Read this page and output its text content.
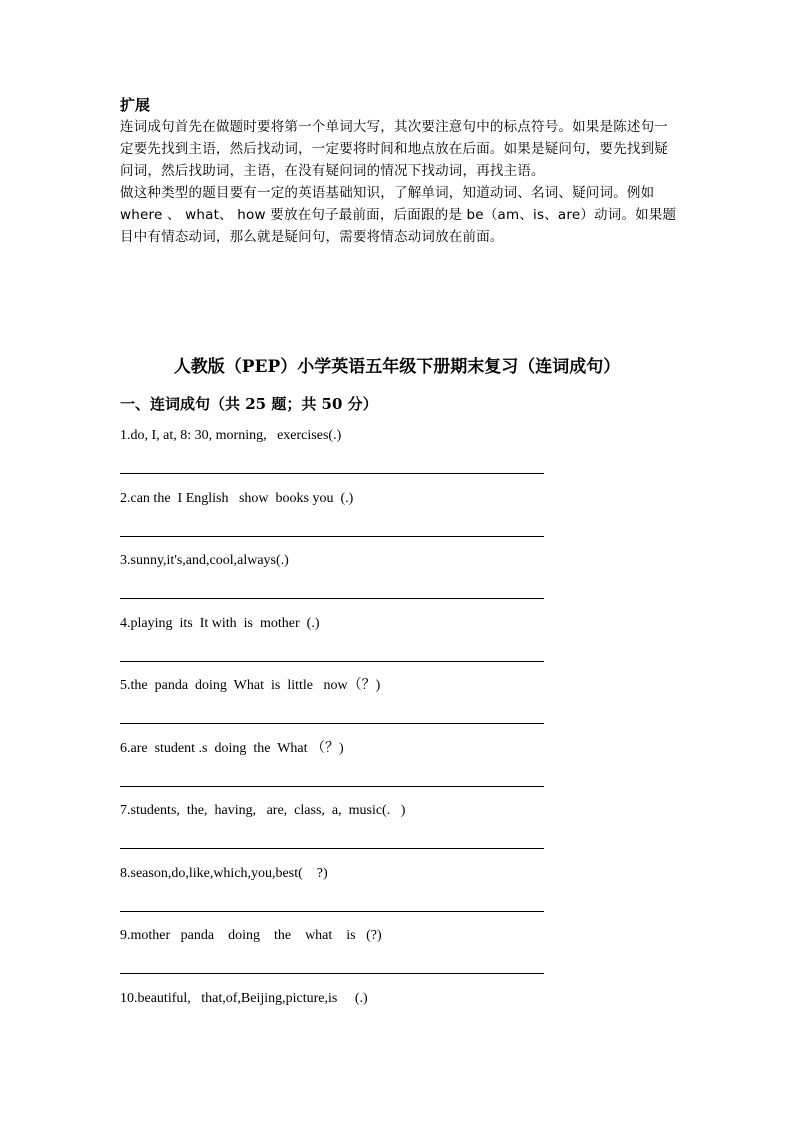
扩展

连词成句首先在做题时要将第一个单词大写，其次要注意句中的标点符号。如果是陈述句一定要先找到主语，然后找动词，一定要将时间和地点放在后面。如果是疑问句，要先找到疑问词，然后找助词，主语，在没有疑问词的情况下找动词，再找主语。

做这种类型的题目要有一定的英语基础知识，了解单词，知道动词、名词、疑问词。例如 where 、 what、 how 要放在句子最前面，后面跟的是 be（am、is、are）动词。如果题目中有情态动词，那么就是疑问句，需要将情态动词放在前面。

人教版（PEP）小学英语五年级下册期末复习（连词成句）
一、连词成句（共 25 题；共 50 分）
1.do, I, at, 8: 30, morning,   exercises(.)
2.can the  I English   show  books you  (.)
3.sunny,it's,and,cool,always(.)
4.playing  its  It with  is  mother  (.)
5.the  panda  doing  What  is  little   now（？)
6.are  student .s  doing  the  What （？)
7.students,  the,  having,   are,  class,  a,  music(.   )
8.season,do,like,which,you,best(    ?)
9.mother   panda    doing    the    what    is   (?)
10.beautiful,   that,of,Beijing,picture,is     (.)
